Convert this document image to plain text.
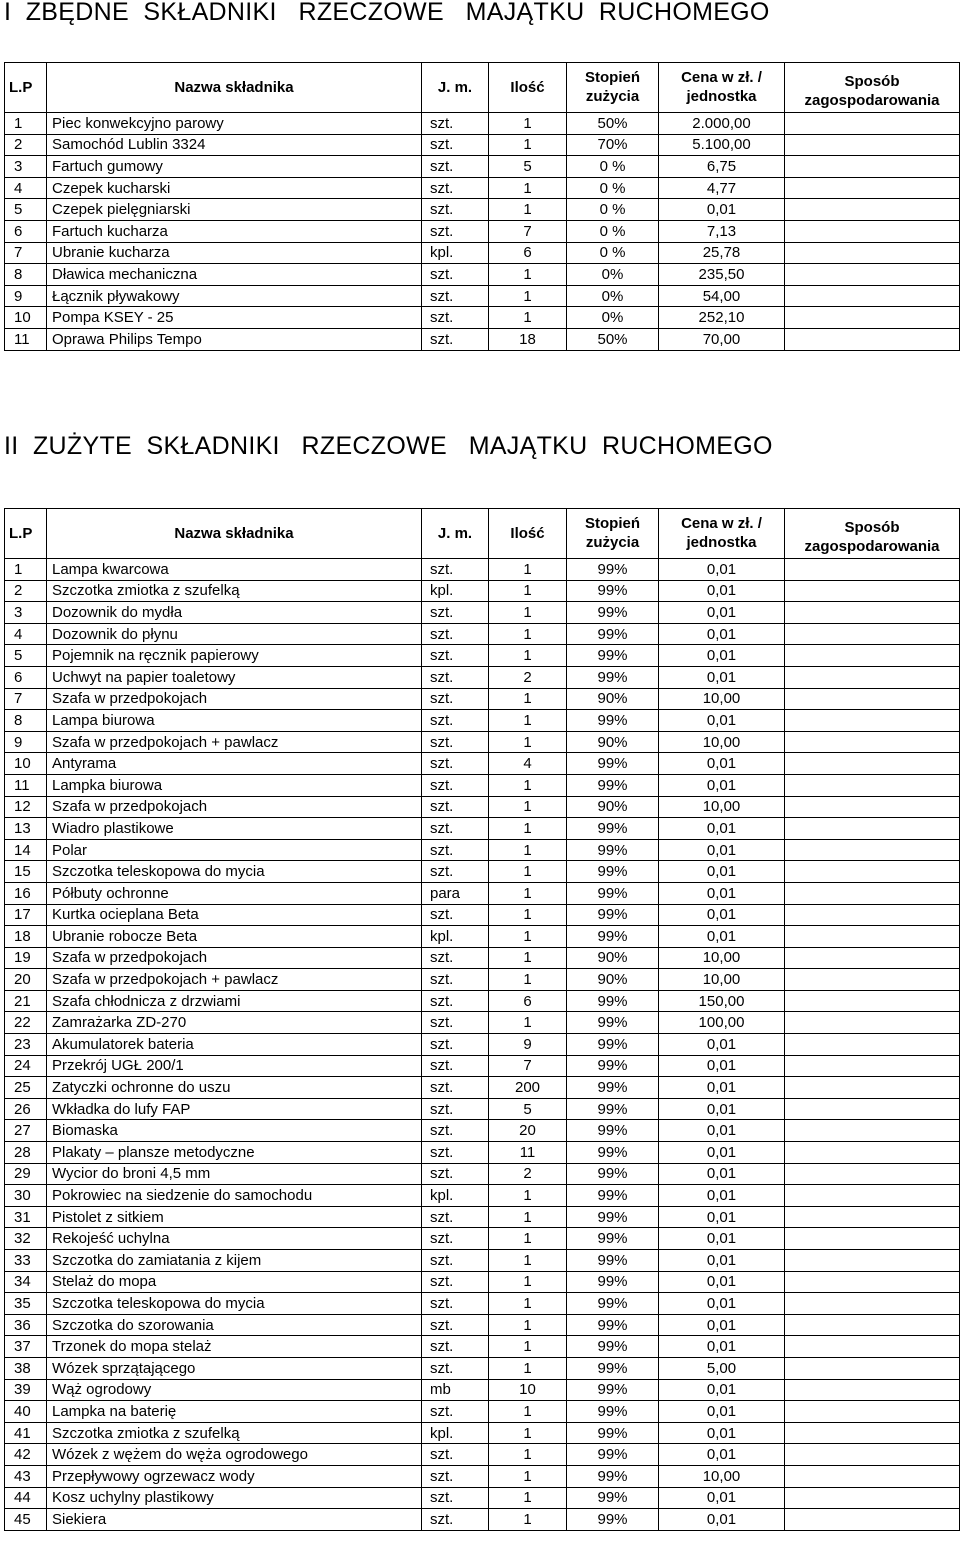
I  ZBĘDNE  SKŁADNIKI   RZECZOWE   MAJĄTKU  RUCHOMEGO
L.P	Nazwa składnika	J. m.	Ilość	Stopień zużycia	Cena w zł. / jednostka	Sposób zagospodarowania
1	Piec konwekcyjno parowy	szt.	1	50%	2.000,00	
2	Samochód Lublin 3324	szt.	1	70%	5.100,00	
3	Fartuch gumowy	szt.	5	0 %	6,75	
4	Czepek kucharski	szt.	1	0 %	4,77	
5	Czepek pielęgniarski	szt.	1	0 %	0,01	
6	Fartuch kucharza	szt.	7	0 %	7,13	
7	Ubranie kucharza	kpl.	6	0 %	25,78	
8	Dławica mechaniczna	szt.	1	0%	235,50	
9	Łącznik pływakowy	szt.	1	0%	54,00	
10	Pompa KSEY - 25	szt.	1	0%	252,10	
11	Oprawa Philips Tempo	szt.	18	50%	70,00	
II  ZUŻYTE  SKŁADNIKI   RZECZOWE   MAJĄTKU  RUCHOMEGO
L.P	Nazwa składnika	J. m.	Ilość	Stopień zużycia	Cena w zł. / jednostka	Sposób zagospodarowania
1	Lampa kwarcowa	szt.	1	99%	0,01	
2	Szczotka zmiotka z szufelką	kpl.	1	99%	0,01	
3	Dozownik do mydła	szt.	1	99%	0,01	
4	Dozownik do płynu	szt.	1	99%	0,01	
5	Pojemnik na ręcznik papierowy	szt.	1	99%	0,01	
6	Uchwyt na papier toaletowy	szt.	2	99%	0,01	
7	Szafa w przedpokojach	szt.	1	90%	10,00	
8	Lampa biurowa	szt.	1	99%	0,01	
9	Szafa w przedpokojach + pawlacz	szt.	1	90%	10,00	
10	Antyrama	szt.	4	99%	0,01	
11	Lampka biurowa	szt.	1	99%	0,01	
12	Szafa w przedpokojach	szt.	1	90%	10,00	
13	Wiadro plastikowe	szt.	1	99%	0,01	
14	Polar	szt.	1	99%	0,01	
15	Szczotka teleskopowa do mycia	szt.	1	99%	0,01	
16	Półbuty ochronne	para	1	99%	0,01	
17	Kurtka ocieplana Beta	szt.	1	99%	0,01	
18	Ubranie robocze Beta	kpl.	1	99%	0,01	
19	Szafa w przedpokojach	szt.	1	90%	10,00	
20	Szafa w przedpokojach + pawlacz	szt.	1	90%	10,00	
21	Szafa chłodnicza z drzwiami	szt.	6	99%	150,00	
22	Zamrażarka ZD-270	szt.	1	99%	100,00	
23	Akumulatorek bateria	szt.	9	99%	0,01	
24	Przekrój UGŁ 200/1	szt.	7	99%	0,01	
25	Zatyczki ochronne do uszu	szt.	200	99%	0,01	
26	Wkładka do lufy FAP	szt.	5	99%	0,01	
27	Biomaska	szt.	20	99%	0,01	
28	Plakaty – plansze metodyczne	szt.	11	99%	0,01	
29	Wycior do broni 4,5 mm	szt.	2	99%	0,01	
30	Pokrowiec na siedzenie do samochodu	kpl.	1	99%	0,01	
31	Pistolet z sitkiem	szt.	1	99%	0,01	
32	Rekojeść uchylna	szt.	1	99%	0,01	
33	Szczotka do zamiatania z kijem	szt.	1	99%	0,01	
34	Stelaż do mopa	szt.	1	99%	0,01	
35	Szczotka teleskopowa do mycia	szt.	1	99%	0,01	
36	Szczotka do szorowania	szt.	1	99%	0,01	
37	Trzonek do mopa stelaż	szt.	1	99%	0,01	
38	Wózek sprzątającego	szt.	1	99%	5,00	
39	Wąż ogrodowy	mb	10	99%	0,01	
40	Lampka na baterię	szt.	1	99%	0,01	
41	Szczotka zmiotka z szufelką	kpl.	1	99%	0,01	
42	Wózek z wężem do węża ogrodowego	szt.	1	99%	0,01	
43	Przepływowy ogrzewacz wody	szt.	1	99%	10,00	
44	Kosz uchylny plastikowy	szt.	1	99%	0,01	
45	Siekiera	szt.	1	99%	0,01	
